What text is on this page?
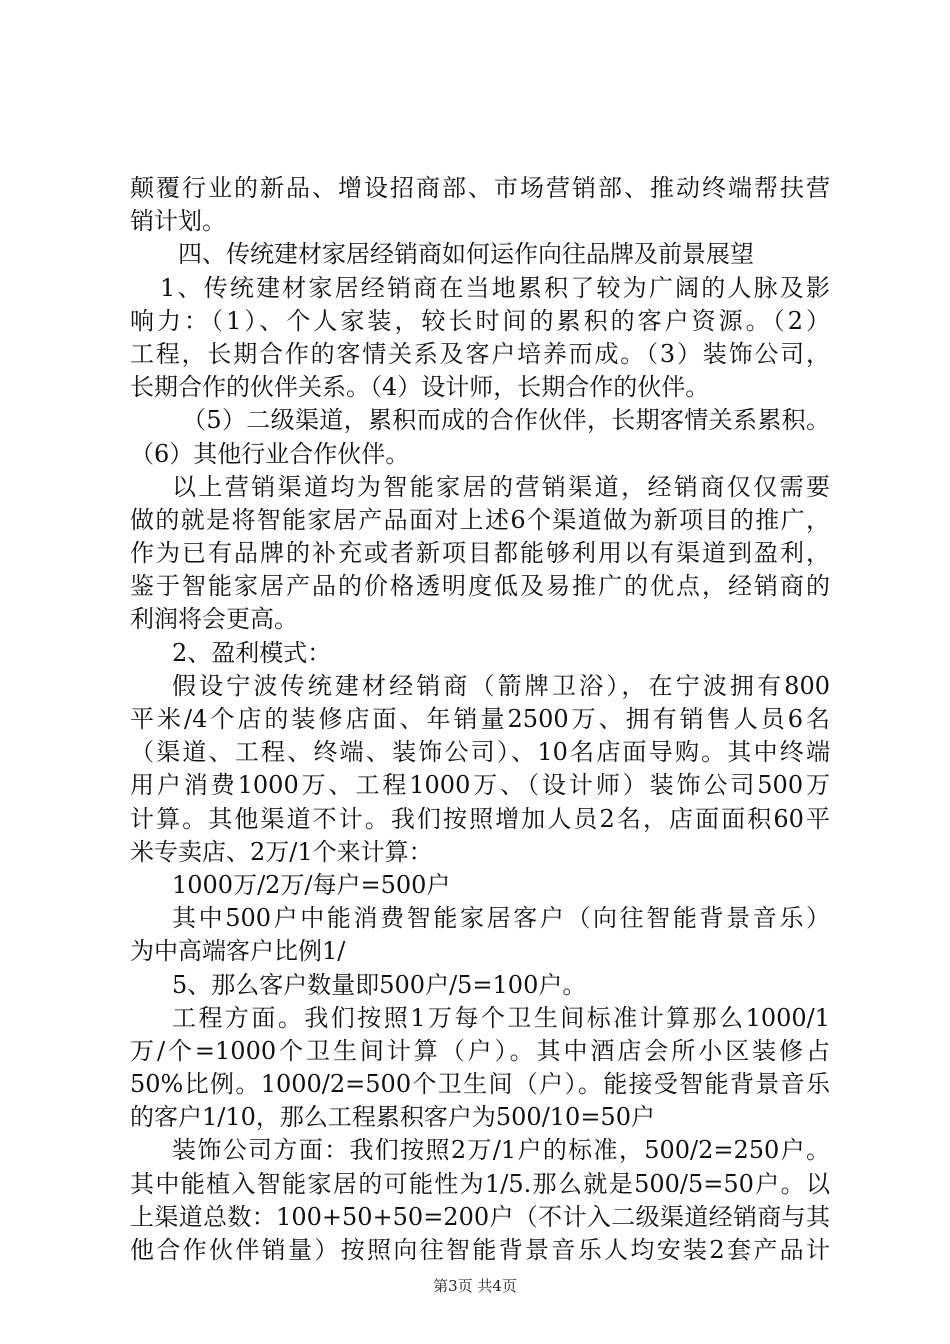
颠覆行业的新品、增设招商部、市场营销部、推动终端帮扶营
销计划。
四、传统建材家居经销商如何运作向往品牌及前景展望
1、传统建材家居经销商在当地累积了较为广阔的人脉及影
响力：（1）、个人家装，较长时间的累积的客户资源。（2）
工程，长期合作的客情关系及客户培养而成。（3）装饰公司，
长期合作的伙伴关系。（4）设计师，长期合作的伙伴。
（5）二级渠道，累积而成的合作伙伴，长期客情关系累积。
（6）其他行业合作伙伴。
以上营销渠道均为智能家居的营销渠道，经销商仅仅需要
做的就是将智能家居产品面对上述6个渠道做为新项目的推广，
作为已有品牌的补充或者新项目都能够利用以有渠道到盈利，
鉴于智能家居产品的价格透明度低及易推广的优点，经销商的
利润将会更高。
2、盈利模式：
假设宁波传统建材经销商（箭牌卫浴），在宁波拥有800
平米/4个店的装修店面、年销量2500万、拥有销售人员6名
（渠道、工程、终端、装饰公司）、10名店面导购。其中终端
用户消费1000万、工程1000万、（设计师）装饰公司500万
计算。其他渠道不计。我们按照增加人员2名，店面面积60平
米专卖店、2万/1个来计算：
1000万/2万/每户=500户
其中500户中能消费智能家居客户（向往智能背景音乐）
为中高端客户比例1/
5、那么客户数量即500户/5=100户。
工程方面。我们按照1万每个卫生间标准计算那么1000/1
万/个=1000个卫生间计算（户）。其中酒店会所小区装修占
50%比例。1000/2=500个卫生间（户）。能接受智能背景音乐
的客户1/10，那么工程累积客户为500/10=50户
装饰公司方面：我们按照2万/1户的标准，500/2=250户。
其中能植入智能家居的可能性为1/5.那么就是500/5=50户。以
上渠道总数：100+50+50=200户（不计入二级渠道经销商与其
他合作伙伴销量）按照向往智能背景音乐人均安装2套产品计
第3页 共4页
